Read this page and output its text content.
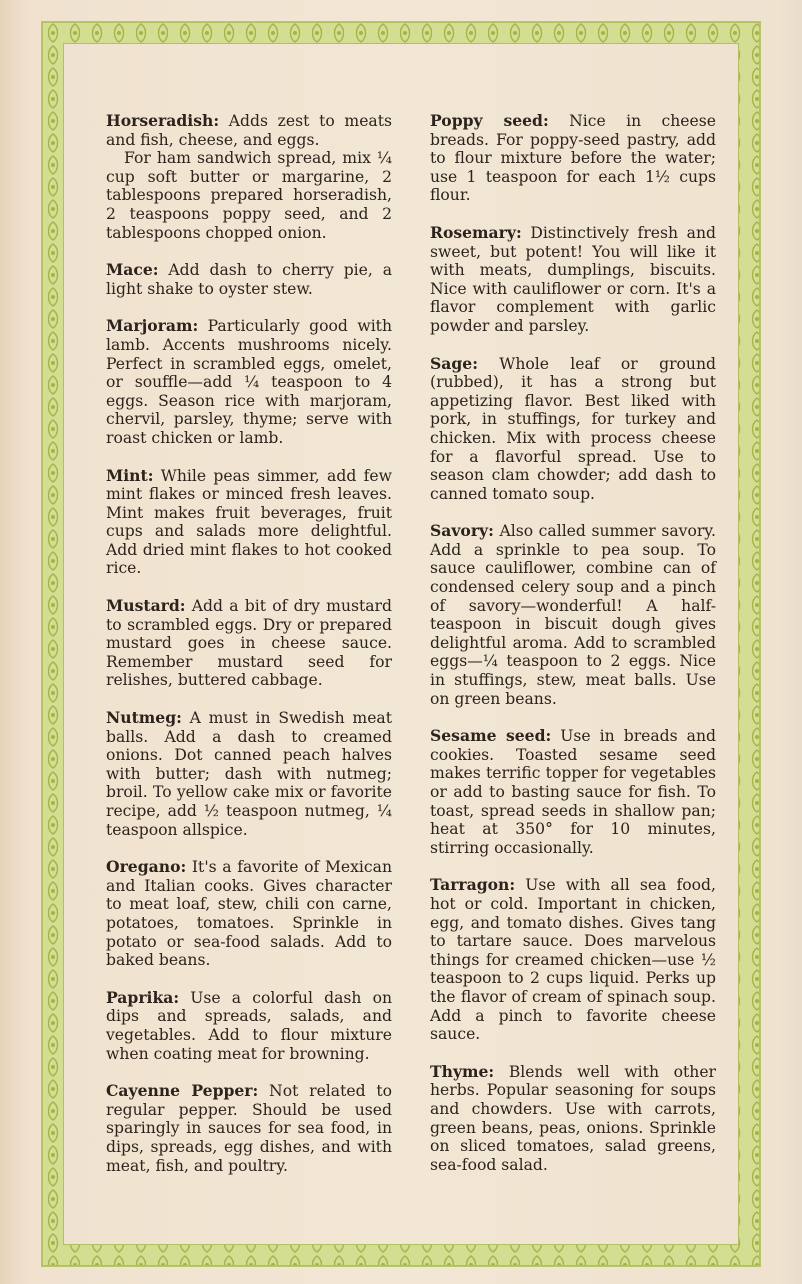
Horseradish: Adds zest to meats and fish, cheese, and eggs.
For ham sandwich spread, mix ¼ cup soft butter or margarine, 2 tablespoons prepared horseradish, 2 teaspoons poppy seed, and 2 tablespoons chopped onion.

Mace: Add dash to cherry pie, a light shake to oyster stew.

Marjoram: Particularly good with lamb. Accents mushrooms nicely. Perfect in scrambled eggs, omelet, or souffle—add ¼ teaspoon to 4 eggs. Season rice with marjoram, chervil, parsley, thyme; serve with roast chicken or lamb.

Mint: While peas simmer, add few mint flakes or minced fresh leaves. Mint makes fruit beverages, fruit cups and salads more delightful. Add dried mint flakes to hot cooked rice.

Mustard: Add a bit of dry mustard to scrambled eggs. Dry or prepared mustard goes in cheese sauce. Remember mustard seed for relishes, buttered cabbage.

Nutmeg: A must in Swedish meat balls. Add a dash to creamed onions. Dot canned peach halves with butter; dash with nutmeg; broil. To yellow cake mix or favorite recipe, add ½ teaspoon nutmeg, ¼ teaspoon allspice.

Oregano: It's a favorite of Mexican and Italian cooks. Gives character to meat loaf, stew, chili con carne, potatoes, tomatoes. Sprinkle in potato or sea-food salads. Add to baked beans.

Paprika: Use a colorful dash on dips and spreads, salads, and vegetables. Add to flour mixture when coating meat for browning.

Cayenne Pepper: Not related to regular pepper. Should be used sparingly in sauces for sea food, in dips, spreads, egg dishes, and with meat, fish, and poultry.

Poppy seed: Nice in cheese breads. For poppy-seed pastry, add to flour mixture before the water; use 1 teaspoon for each 1½ cups flour.

Rosemary: Distinctively fresh and sweet, but potent! You will like it with meats, dumplings, biscuits. Nice with cauliflower or corn. It's a flavor complement with garlic powder and parsley.

Sage: Whole leaf or ground (rubbed), it has a strong but appetizing flavor. Best liked with pork, in stuffings, for turkey and chicken. Mix with process cheese for a flavorful spread. Use to season clam chowder; add dash to canned tomato soup.

Savory: Also called summer savory. Add a sprinkle to pea soup. To sauce cauliflower, combine can of condensed celery soup and a pinch of savory—wonderful! A half-teaspoon in biscuit dough gives delightful aroma. Add to scrambled eggs—¼ teaspoon to 2 eggs. Nice in stuffings, stew, meat balls. Use on green beans.

Sesame seed: Use in breads and cookies. Toasted sesame seed makes terrific topper for vegetables or add to basting sauce for fish. To toast, spread seeds in shallow pan; heat at 350° for 10 minutes, stirring occasionally.

Tarragon: Use with all sea food, hot or cold. Important in chicken, egg, and tomato dishes. Gives tang to tartare sauce. Does marvelous things for creamed chicken—use ½ teaspoon to 2 cups liquid. Perks up the flavor of cream of spinach soup. Add a pinch to favorite cheese sauce.

Thyme: Blends well with other herbs. Popular seasoning for soups and chowders. Use with carrots, green beans, peas, onions. Sprinkle on sliced tomatoes, salad greens, sea-food salad.
